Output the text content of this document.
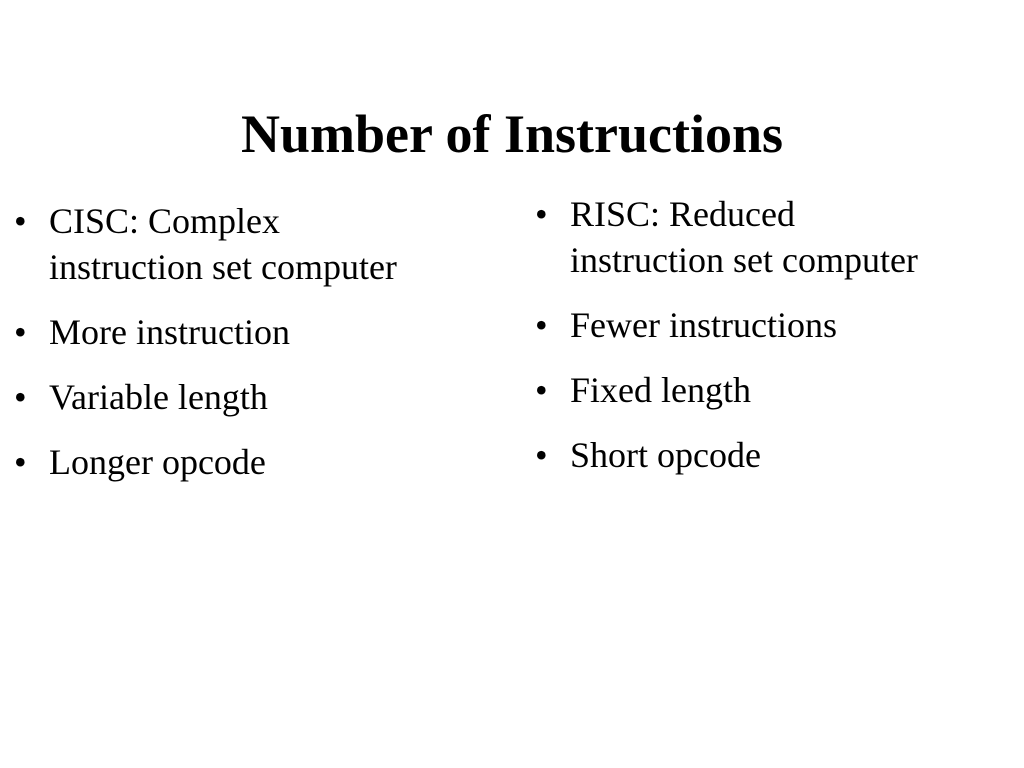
Number of Instructions
• CISC: Complex
instruction set computer
• More instruction
• Variable length
• Longer opcode
• RISC: Reduced
instruction set computer
• Fewer instructions
• Fixed length
• Short opcode
